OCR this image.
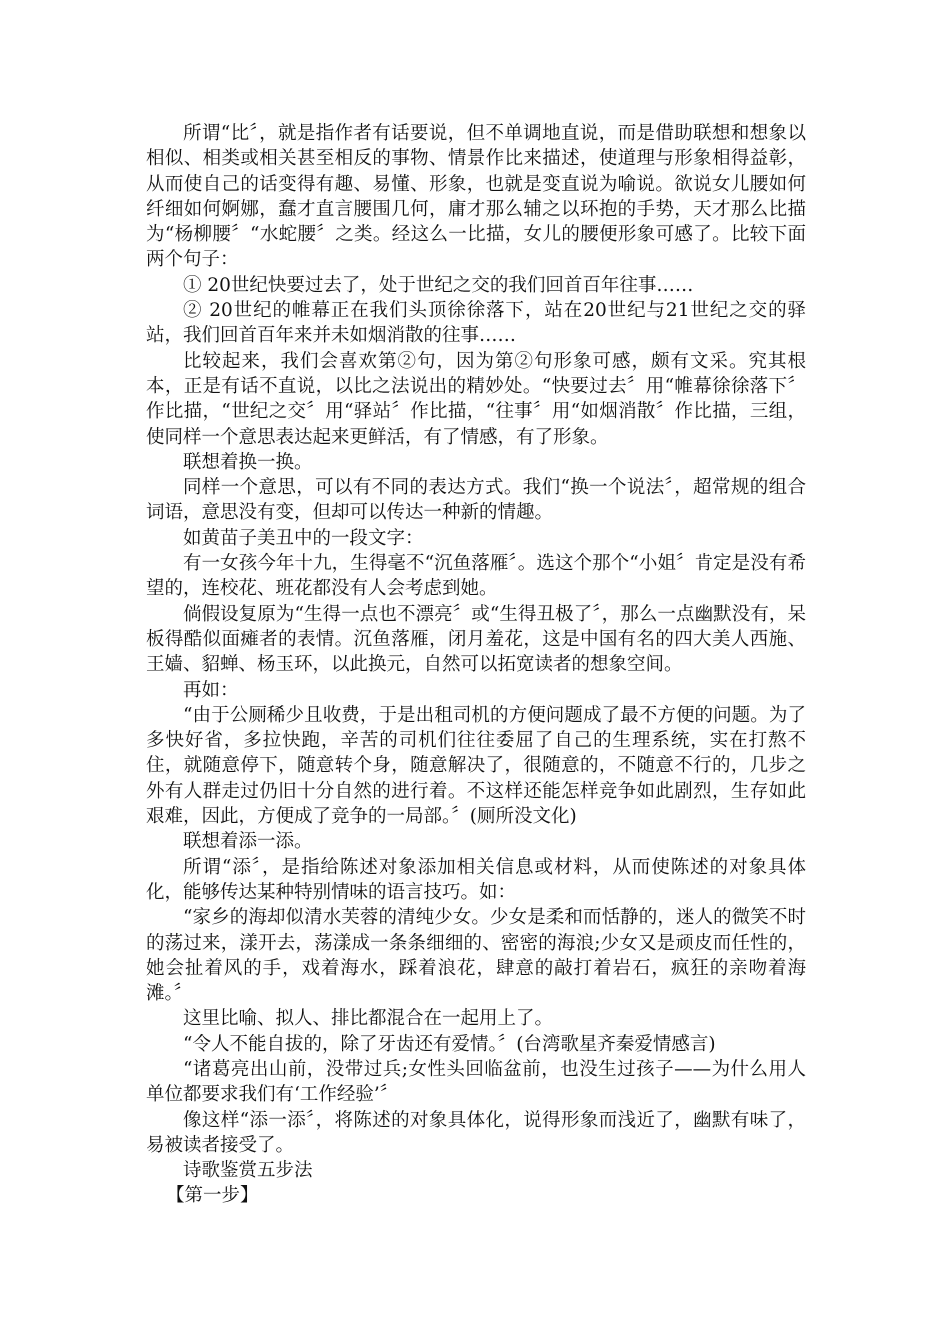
所谓“比〞，就是指作者有话要说，但不单调地直说，而是借助联想和想象以相似、相类或相关甚至相反的事物、情景作比来描述，使道理与形象相得益彰，从而使自己的话变得有趣、易懂、形象，也就是变直说为喻说。欲说女儿腰如何纤细如何婀娜，蠢才直言腰围几何，庸才那么辅之以环抱的手势，天才那么比描为“杨柳腰〞“水蛇腰〞之类。经这么一比描，女儿的腰便形象可感了。比较下面两个句子：

① 20世纪快要过去了，处于世纪之交的我们回首百年往事……

② 20世纪的帷幕正在我们头顶徐徐落下，站在20世纪与21世纪之交的驿站，我们回首百年来并未如烟消散的往事……

比较起来，我们会喜欢第②句，因为第②句形象可感，颇有文采。究其根本，正是有话不直说，以比之法说出的精妙处。“快要过去〞用“帷幕徐徐落下〞作比描，“世纪之交〞用“驿站〞作比描，“往事〞用“如烟消散〞作比描，三组，使同样一个意思表达起来更鲜活，有了情感，有了形象。

联想着换一换。

同样一个意思，可以有不同的表达方式。我们“换一个说法〞，超常规的组合词语，意思没有变，但却可以传达一种新的情趣。

如黄苗子美丑中的一段文字：

有一女孩今年十九，生得毫不“沉鱼落雁〞。选这个那个“小姐〞肯定是没有希望的，连校花、班花都没有人会考虑到她。

倘假设复原为“生得一点也不漂亮〞或“生得丑极了〞，那么一点幽默没有，呆板得酷似面瘫者的表情。沉鱼落雁，闭月羞花，这是中国有名的四大美人西施、王嫱、貂蝉、杨玉环，以此换元，自然可以拓宽读者的想象空间。

再如：

“由于公厕稀少且收费，于是出租司机的方便问题成了最不方便的问题。为了多快好省，多拉快跑，辛苦的司机们往往委屈了自己的生理系统，实在打熬不住，就随意停下，随意转个身，随意解决了，很随意的，不随意不行的，几步之外有人群走过仍旧十分自然的进行着。不这样还能怎样竞争如此剧烈，生存如此艰难，因此，方便成了竞争的一局部。〞(厕所没文化)

联想着添一添。

所谓“添〞，是指给陈述对象添加相关信息或材料，从而使陈述的对象具体化，能够传达某种特别情味的语言技巧。如：

“家乡的海却似清水芙蓉的清纯少女。少女是柔和而恬静的，迷人的微笑不时的荡过来，漾开去，荡漾成一条条细细的、密密的海浪;少女又是顽皮而任性的，她会扯着风的手，戏着海水，踩着浪花，肆意的敲打着岩石，疯狂的亲吻着海滩。〞

这里比喻、拟人、排比都混合在一起用上了。

“令人不能自拔的，除了牙齿还有爱情。〞(台湾歌星齐秦爱情感言)

“诸葛亮出山前，没带过兵;女性头回临盆前，也没生过孩子——为什么用人单位都要求我们有‘工作经验’〞

像这样“添一添〞，将陈述的对象具体化，说得形象而浅近了，幽默有味了，易被读者接受了。

诗歌鉴赏五步法

【第一步】
